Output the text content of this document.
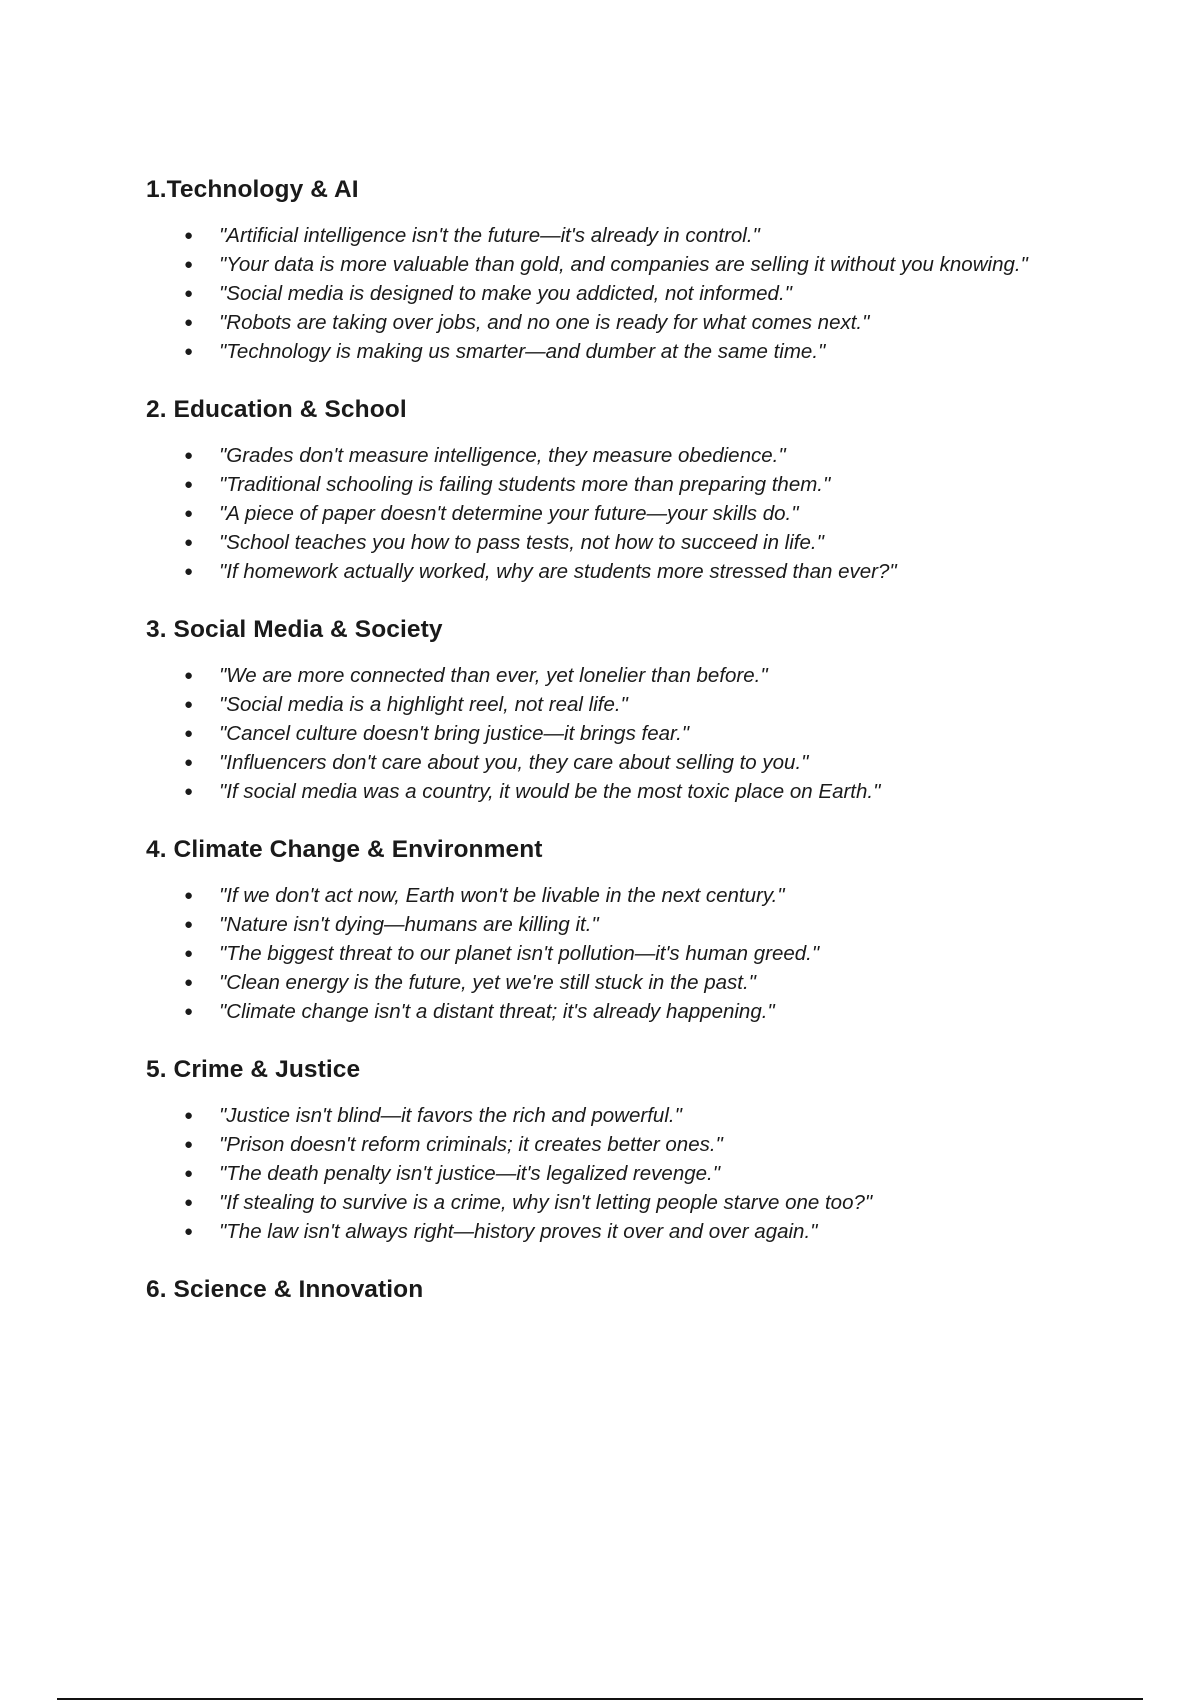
1.Technology & AI
● "Artificial intelligence isn't the future—it's already in control."
● "Your data is more valuable than gold, and companies are selling it without you knowing."
● "Social media is designed to make you addicted, not informed."
● "Robots are taking over jobs, and no one is ready for what comes next."
● "Technology is making us smarter—and dumber at the same time."
2. Education & School
● "Grades don't measure intelligence, they measure obedience."
● "Traditional schooling is failing students more than preparing them."
● "A piece of paper doesn't determine your future—your skills do."
● "School teaches you how to pass tests, not how to succeed in life."
● "If homework actually worked, why are students more stressed than ever?"
3. Social Media & Society
● "We are more connected than ever, yet lonelier than before."
● "Social media is a highlight reel, not real life."
● "Cancel culture doesn't bring justice—it brings fear."
● "Influencers don't care about you, they care about selling to you."
● "If social media was a country, it would be the most toxic place on Earth."
4. Climate Change & Environment
● "If we don't act now, Earth won't be livable in the next century."
● "Nature isn't dying—humans are killing it."
● "The biggest threat to our planet isn't pollution—it's human greed."
● "Clean energy is the future, yet we're still stuck in the past."
● "Climate change isn't a distant threat; it's already happening."
5. Crime & Justice
● "Justice isn't blind—it favors the rich and powerful."
● "Prison doesn't reform criminals; it creates better ones."
● "The death penalty isn't justice—it's legalized revenge."
● "If stealing to survive is a crime, why isn't letting people starve one too?"
● "The law isn't always right—history proves it over and over again."
6. Science & Innovation
